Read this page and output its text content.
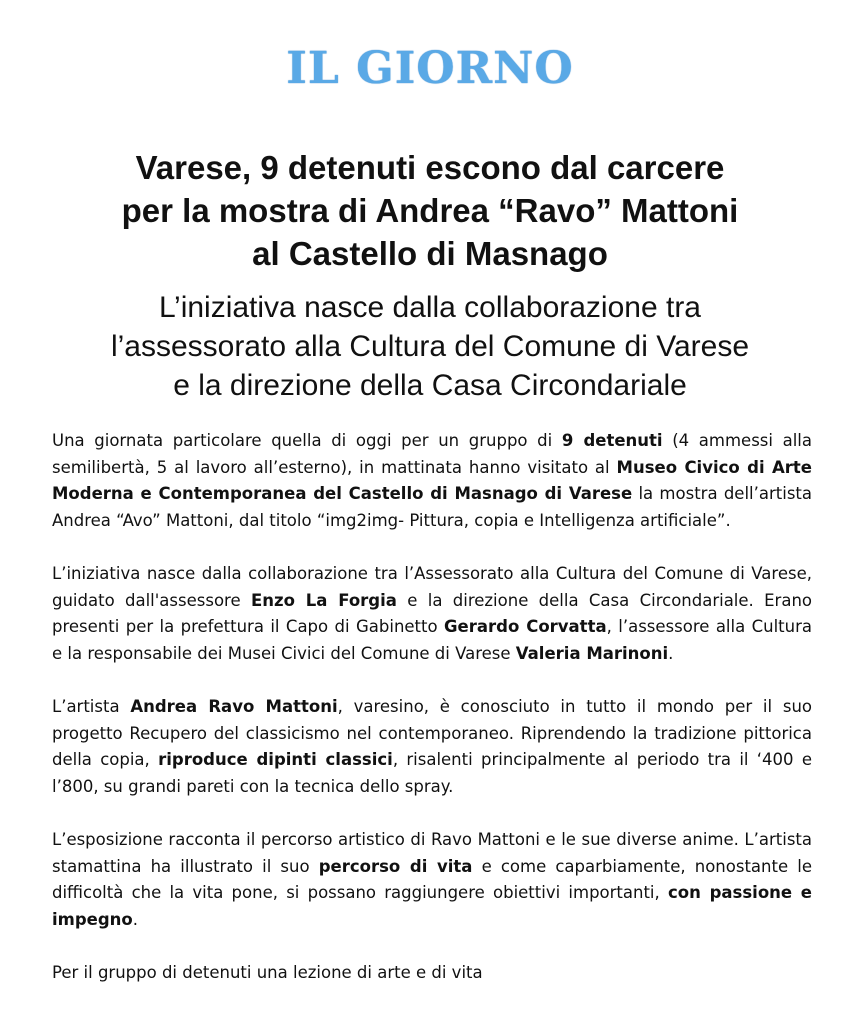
IL GIORNO
Varese, 9 detenuti escono dal carcere
per la mostra di Andrea “Ravo” Mattoni
al Castello di Masnago
L’iniziativa nasce dalla collaborazione tra
l’assessorato alla Cultura del Comune di Varese
e la direzione della Casa Circondariale

Una giornata particolare quella di oggi per un gruppo di 9 detenuti (4 ammessi alla semilibertà, 5 al lavoro all’esterno), in mattinata hanno visitato al Museo Civico di Arte Moderna e Contemporanea del Castello di Masnago di Varese la mostra dell’artista Andrea “Avo” Mattoni, dal titolo “img2img- Pittura, copia e Intelligenza artificiale”.

L’iniziativa nasce dalla collaborazione tra l’Assessorato alla Cultura del Comune di Varese, guidato dall'assessore Enzo La Forgia e la direzione della Casa Circondariale. Erano presenti per la prefettura il Capo di Gabinetto Gerardo Corvatta, l’assessore alla Cultura e la responsabile dei Musei Civici del Comune di Varese Valeria Marinoni.

L’artista Andrea Ravo Mattoni, varesino, è conosciuto in tutto il mondo per il suo progetto Recupero del classicismo nel contemporaneo. Riprendendo la tradizione pittorica della copia, riproduce dipinti classici, risalenti principalmente al periodo tra il ‘400 e l’800, su grandi pareti con la tecnica dello spray.

L’esposizione racconta il percorso artistico di Ravo Mattoni e le sue diverse anime. L’artista stamattina ha illustrato il suo percorso di vita e come caparbiamente, nonostante le difficoltà che la vita pone, si possano raggiungere obiettivi importanti, con passione e impegno.

Per il gruppo di detenuti una lezione di arte e di vita
